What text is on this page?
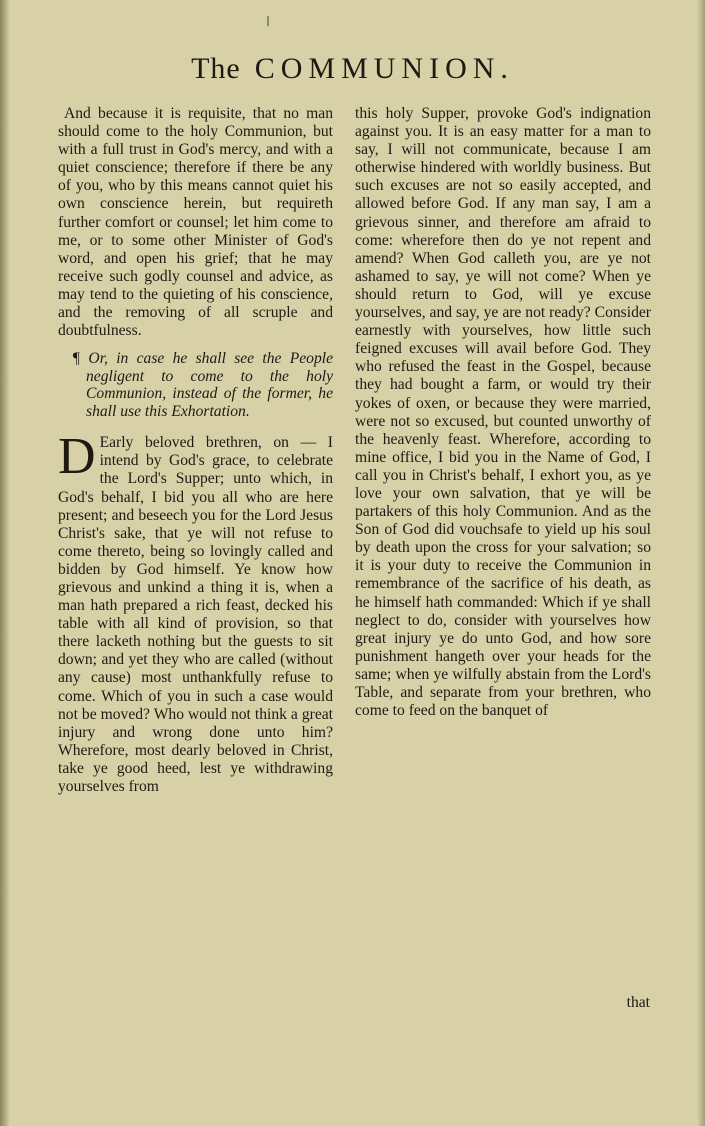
The COMMUNION.

And because it is requisite, that no man should come to the holy Communion, but with a full trust in God's mercy, and with a quiet conscience; therefore if there be any of you, who by this means cannot quiet his own conscience herein, but requireth further comfort or counsel; let him come to me, or to some other Minister of God's word, and open his grief; that he may receive such godly counsel and advice, as may tend to the quieting of his conscience, and the removing of all scruple and doubtfulness.

¶ Or, in case he shall see the People negligent to come to the holy Communion, instead of the former, he shall use this Exhortation.

D Early beloved brethren, on — I intend by God's grace, to celebrate the Lord's Supper; unto which, in God's behalf, I bid you all who are here present; and beseech you for the Lord Jesus Christ's sake, that ye will not refuse to come thereto, being so lovingly called and bidden by God himself. Ye know how grievous and unkind a thing it is, when a man hath prepared a rich feast, decked his table with all kind of provision, so that there lacketh nothing but the guests to sit down; and yet they who are called (without any cause) most unthankfully refuse to come. Which of you in such a case would not be moved? Who would not think a great injury and wrong done unto him? Wherefore, most dearly beloved in Christ, take ye good heed, lest ye withdrawing yourselves from

this holy Supper, provoke God's indignation against you. It is an easy matter for a man to say, I will not communicate, because I am otherwise hindered with worldly business. But such excuses are not so easily accepted, and allowed before God. If any man say, I am a grievous sinner, and therefore am afraid to come: wherefore then do ye not repent and amend? When God calleth you, are ye not ashamed to say, ye will not come? When ye should return to God, will ye excuse yourselves, and say, ye are not ready? Consider earnestly with yourselves, how little such feigned excuses will avail before God. They who refused the feast in the Gospel, because they had bought a farm, or would try their yokes of oxen, or because they were married, were not so excused, but counted unworthy of the heavenly feast. Wherefore, according to mine office, I bid you in the Name of God, I call you in Christ's behalf, I exhort you, as ye love your own salvation, that ye will be partakers of this holy Communion. And as the Son of God did vouchsafe to yield up his soul by death upon the cross for your salvation; so it is your duty to receive the Communion in remembrance of the sacrifice of his death, as he himself hath commanded: Which if ye shall neglect to do, consider with yourselves how great injury ye do unto God, and how sore punishment hangeth over your heads for the same; when ye wilfully abstain from the Lord's Table, and separate from your brethren, who come to feed on the banquet of

that
